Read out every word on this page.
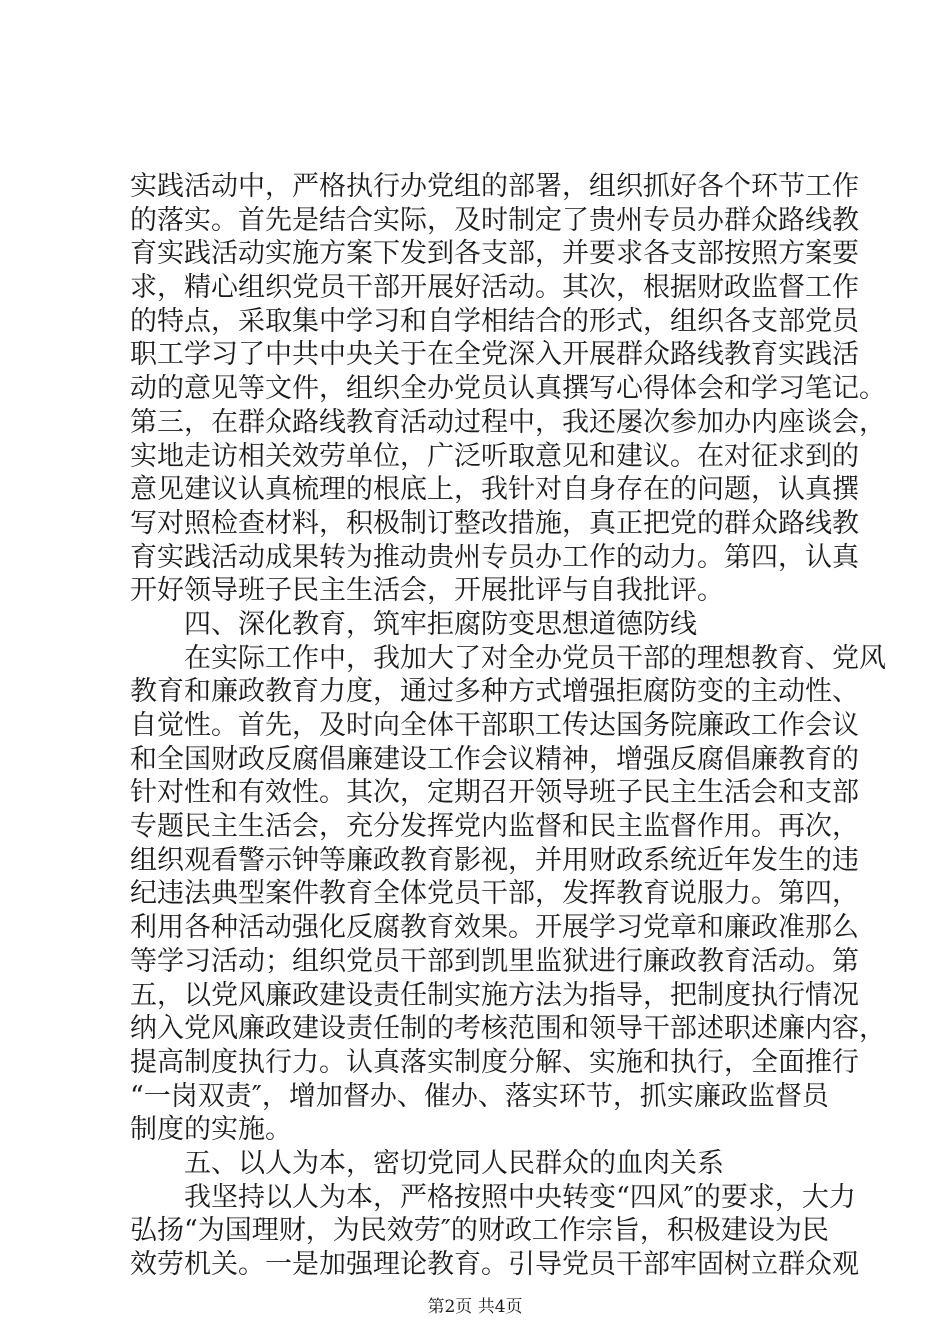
实践活动中，严格执行办党组的部署，组织抓好各个环节工作
的落实。首先是结合实际，及时制定了贵州专员办群众路线教
育实践活动实施方案下发到各支部，并要求各支部按照方案要
求，精心组织党员干部开展好活动。其次，根据财政监督工作
的特点，采取集中学习和自学相结合的形式，组织各支部党员
职工学习了中共中央关于在全党深入开展群众路线教育实践活
动的意见等文件，组织全办党员认真撰写心得体会和学习笔记。
第三，在群众路线教育活动过程中，我还屡次参加办内座谈会，
实地走访相关效劳单位，广泛听取意见和建议。在对征求到的
意见建议认真梳理的根底上，我针对自身存在的问题，认真撰
写对照检查材料，积极制订整改措施，真正把党的群众路线教
育实践活动成果转为推动贵州专员办工作的动力。第四，认真
开好领导班子民主生活会，开展批评与自我批评。
四、深化教育，筑牢拒腐防变思想道德防线
在实际工作中，我加大了对全办党员干部的理想教育、党风
教育和廉政教育力度，通过多种方式增强拒腐防变的主动性、
自觉性。首先，及时向全体干部职工传达国务院廉政工作会议
和全国财政反腐倡廉建设工作会议精神，增强反腐倡廉教育的
针对性和有效性。其次，定期召开领导班子民主生活会和支部
专题民主生活会，充分发挥党内监督和民主监督作用。再次，
组织观看警示钟等廉政教育影视，并用财政系统近年发生的违
纪违法典型案件教育全体党员干部，发挥教育说服力。第四，
利用各种活动强化反腐教育效果。开展学习党章和廉政准那么
等学习活动；组织党员干部到凯里监狱进行廉政教育活动。第
五，以党风廉政建设责任制实施方法为指导，把制度执行情况
纳入党风廉政建设责任制的考核范围和领导干部述职述廉内容，
提高制度执行力。认真落实制度分解、实施和执行，全面推行
“一岗双责″，增加督办、催办、落实环节，抓实廉政监督员
制度的实施。
五、以人为本，密切党同人民群众的血肉关系
我坚持以人为本，严格按照中央转变“四风″的要求，大力
弘扬“为国理财，为民效劳″的财政工作宗旨，积极建设为民
效劳机关。一是加强理论教育。引导党员干部牢固树立群众观
第2页 共4页
